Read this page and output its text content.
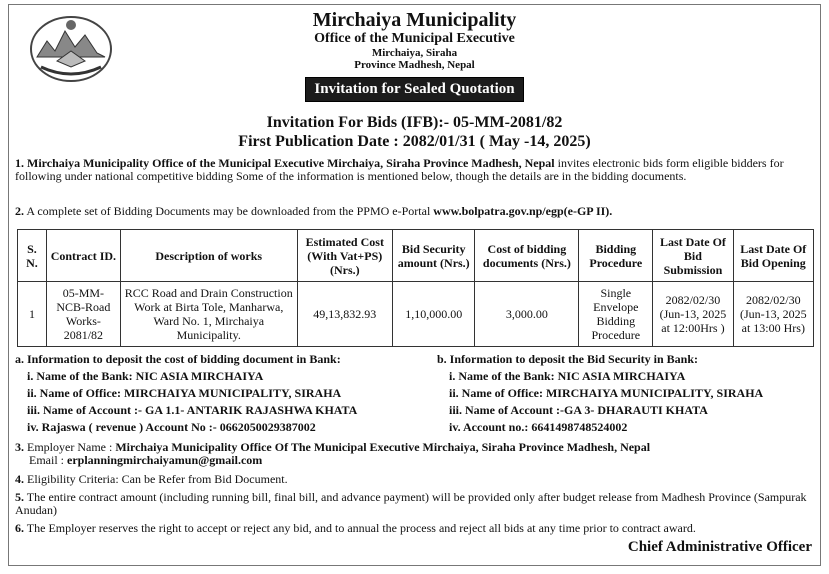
Mirchaiya Municipality
Office of the Municipal Executive
Mirchaiya, Siraha
Province Madhesh, Nepal
Invitation for Sealed Quotation
Invitation For Bids (IFB):- 05-MM-2081/82
First Publication Date : 2082/01/31 ( May -14, 2025)
1. Mirchaiya Municipality Office of the Municipal Executive Mirchaiya, Siraha Province Madhesh, Nepal invites electronic bids form eligible bidders for following under national competitive bidding Some of the information is mentioned below, though the details are in the bidding documents.
2. A complete set of Bidding Documents may be downloaded from the PPMO e-Portal www.bolpatra.gov.np/egp(e-GP II).
S. N.	Contract ID.	Description of works	Estimated Cost (With Vat+PS) (Nrs.)	Bid Security amount (Nrs.)	Cost of bidding documents (Nrs.)	Bidding Procedure	Last Date Of Bid Submission	Last Date Of Bid Opening
1	05-MM-NCB-Road Works-2081/82	RCC Road and Drain Construction Work at Birta Tole, Manharwa, Ward No. 1, Mirchaiya Municipality.	49,13,832.93	1,10,000.00	3,000.00	Single Envelope Bidding Procedure	2082/02/30 (Jun-13, 2025 at 12:00Hrs )	2082/02/30 (Jun-13, 2025 at 13:00 Hrs)
a. Information to deposit the cost of bidding document in Bank:
i. Name of the Bank: NIC ASIA MIRCHAIYA
ii. Name of Office: MIRCHAIYA MUNICIPALITY, SIRAHA
iii. Name of Account :- GA 1.1- ANTARIK RAJASHWA KHATA
iv. Rajaswa ( revenue ) Account No :- 0662050029387002
b. Information to deposit the Bid Security in Bank:
i. Name of the Bank: NIC ASIA MIRCHAIYA
ii. Name of Office: MIRCHAIYA MUNICIPALITY, SIRAHA
iii. Name of Account :-GA 3- DHARAUTI KHATA
iv. Account no.: 6641498748524002
3. Employer Name : Mirchaiya Municipality Office Of The Municipal Executive Mirchaiya, Siraha Province Madhesh, Nepal
Email : erplanningmirchaiyamun@gmail.com
4. Eligibility Criteria: Can be Refer from Bid Document.
5. The entire contract amount (including running bill, final bill, and advance payment) will be provided only after budget release from Madhesh Province (Sampurak Anudan)
6. The Employer reserves the right to accept or reject any bid, and to annual the process and reject all bids at any time prior to contract award.
Chief Administrative Officer
